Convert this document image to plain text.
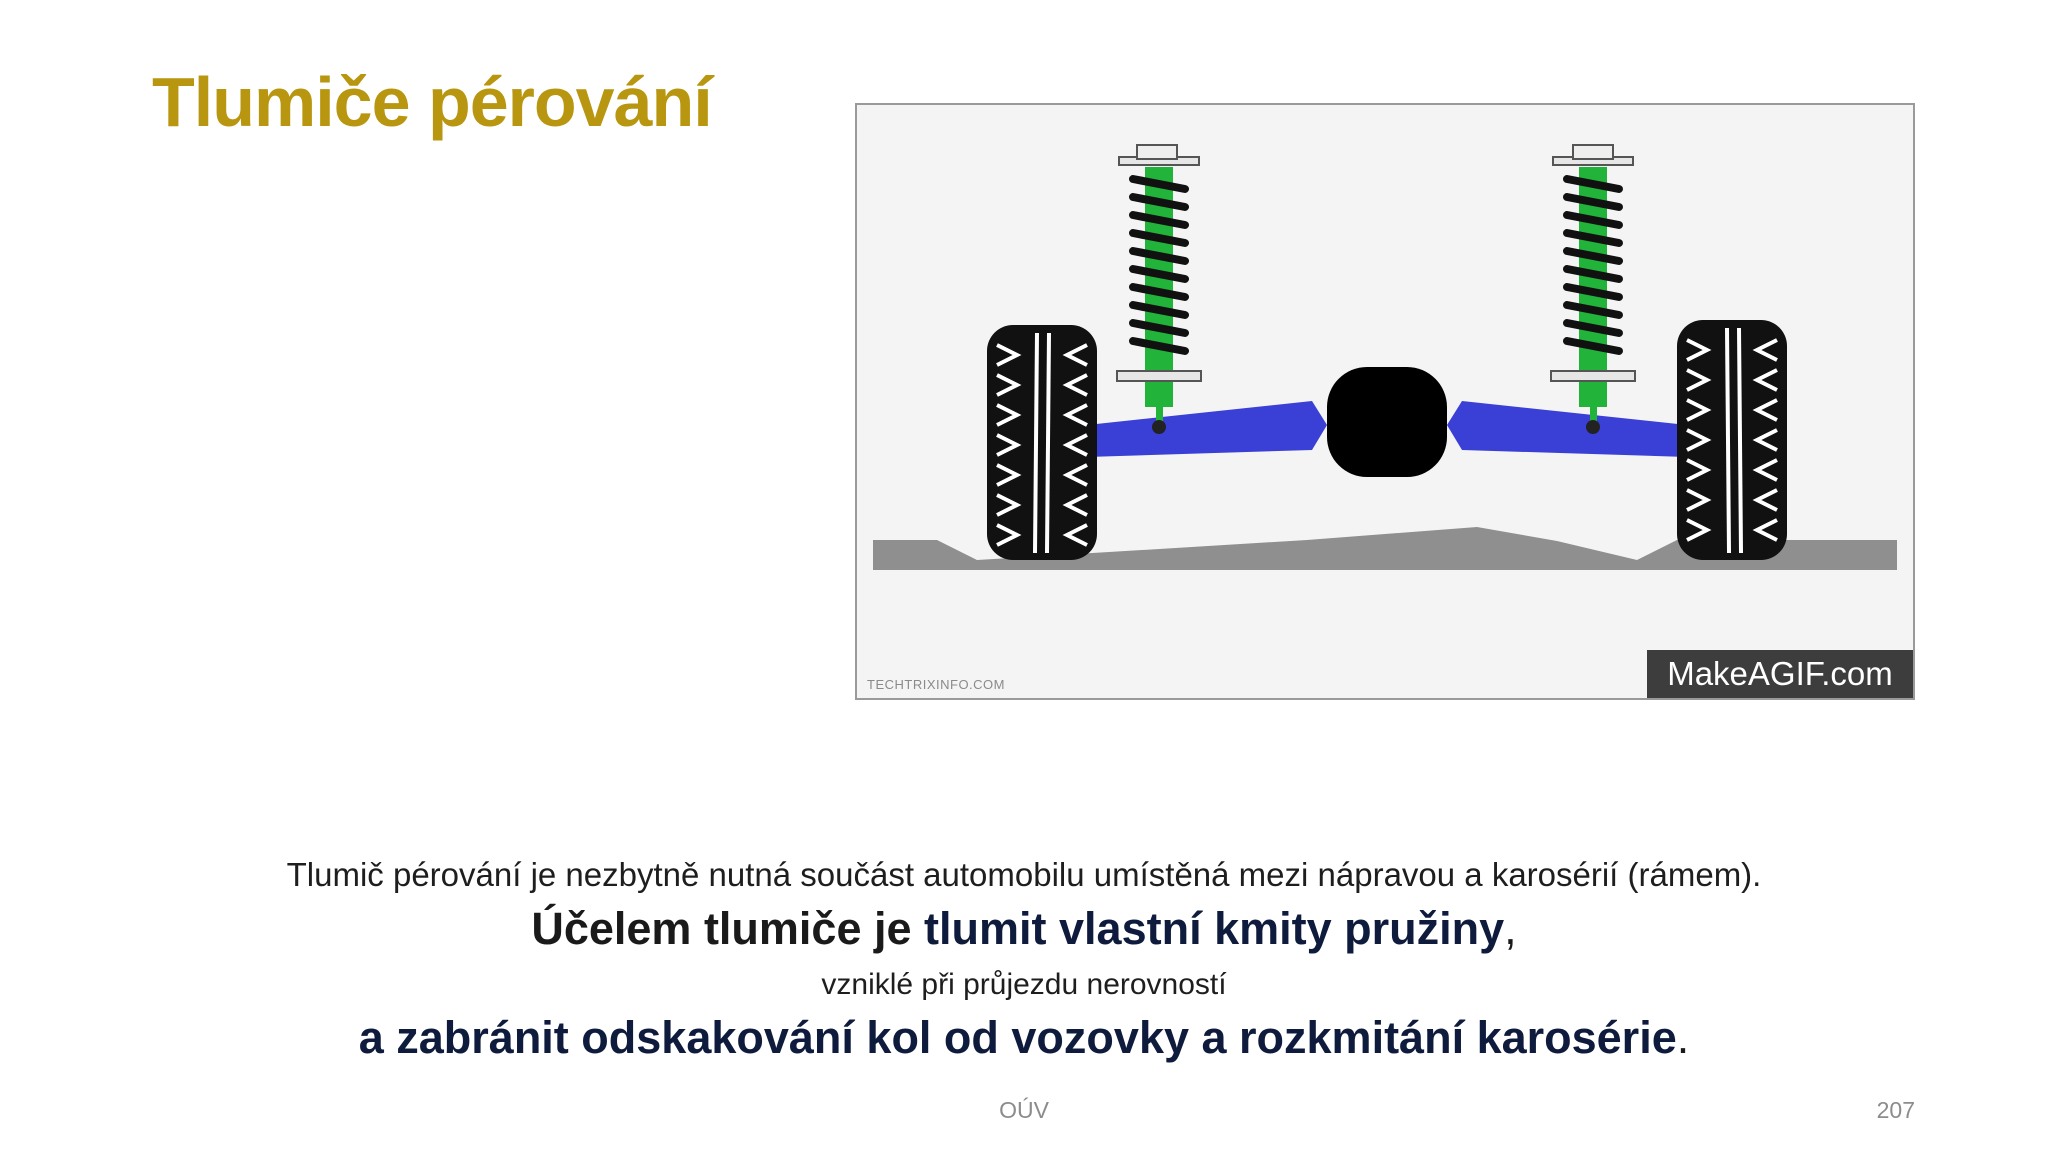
Tlumiče pérování
TECHTRIXINFO.COM	MakeAGIF.com
Tlumič pérování je nezbytně nutná součást automobilu umístěná mezi nápravou a karosérií (rámem).
Účelem tlumiče je tlumit vlastní kmity pružiny,
vzniklé při průjezdu nerovností
a zabránit odskakování kol od vozovky a rozkmitání karosérie.
OÚV	207
